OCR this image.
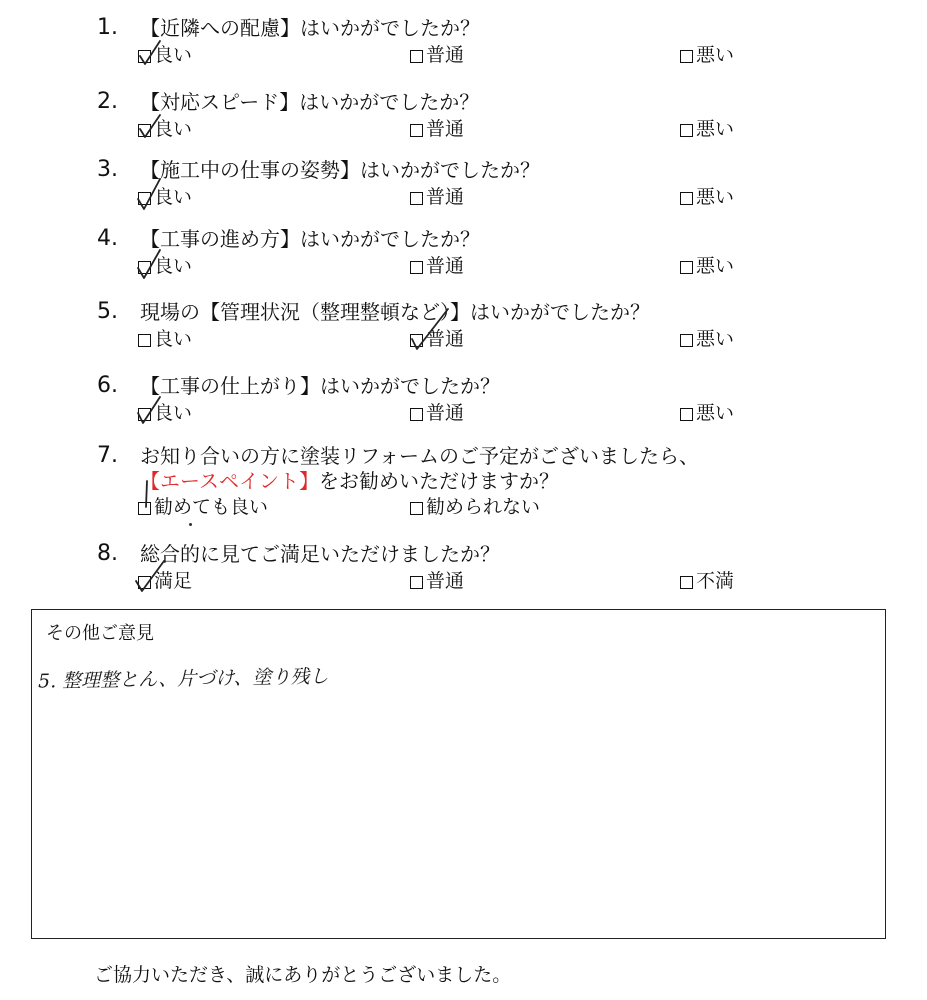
1. 【近隣への配慮】はいかがでしたか？
良い	普通	悪い
2. 【対応スピード】はいかがでしたか？
良い	普通	悪い
3. 【施工中の仕事の姿勢】はいかがでしたか？
良い	普通	悪い
4. 【工事の進め方】はいかがでしたか？
良い	普通	悪い
5. 現場の【管理状況（整理整頓など）】はいかがでしたか？
良い	普通	悪い
6. 【工事の仕上がり】はいかがでしたか？
良い	普通	悪い
7. お知り合いの方に塗装リフォームのご予定がございましたら、
【エースペイント】をお勧めいただけますか？
勧めても良い	勧められない
8. 総合的に見てご満足いただけましたか？
満足	普通	不満
その他ご意見
5. 整理整とん、片づけ、塗り残し
ご協力いただき、誠にありがとうございました。
